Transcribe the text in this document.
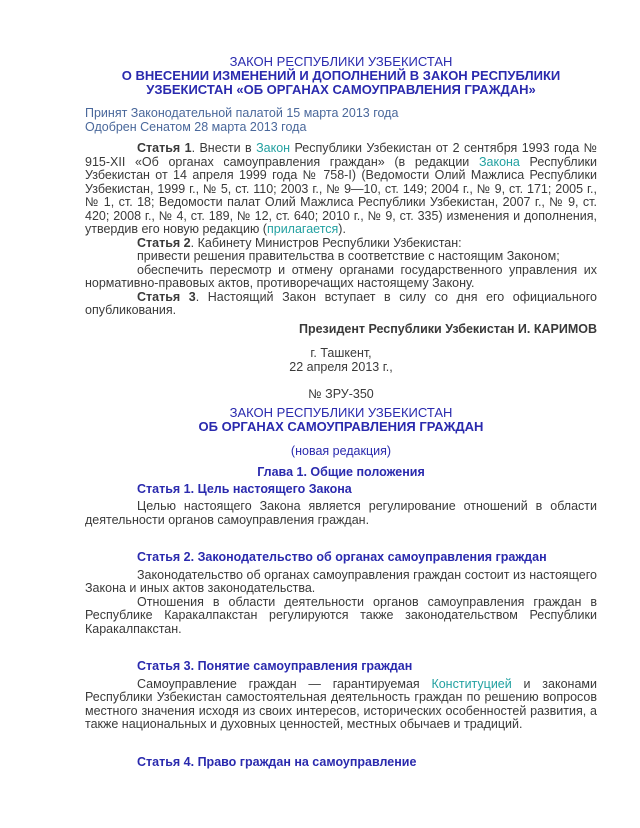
ЗАКОН РЕСПУБЛИКИ УЗБЕКИСТАН
О ВНЕСЕНИИ ИЗМЕНЕНИЙ И ДОПОЛНЕНИЙ В ЗАКОН РЕСПУБЛИКИ УЗБЕКИСТАН «ОБ ОРГАНАХ САМОУПРАВЛЕНИЯ ГРАЖДАН»
Принят Законодательной палатой 15 марта 2013 года
Одобрен Сенатом 28 марта 2013 года

Статья 1. Внести в Закон Республики Узбекистан от 2 сентября 1993 года № 915-XII «Об органах самоуправления граждан» (в редакции Закона Республики Узбекистан от 14 апреля 1999 года № 758-I) (Ведомости Олий Мажлиса Республики Узбекистан, 1999 г., № 5, ст. 110; 2003 г., № 9—10, ст. 149; 2004 г., № 9, ст. 171; 2005 г., № 1, ст. 18; Ведомости палат Олий Мажлиса Республики Узбекистан, 2007 г., № 9, ст. 420; 2008 г., № 4, ст. 189, № 12, ст. 640; 2010 г., № 9, ст. 335) изменения и дополнения, утвердив его новую редакцию (прилагается).

Статья 2. Кабинету Министров Республики Узбекистан:

привести решения правительства в соответствие с настоящим Законом;

обеспечить пересмотр и отмену органами государственного управления их нормативно-правовых актов, противоречащих настоящему Закону.

Статья 3. Настоящий Закон вступает в силу со дня его официального опубликования.

Президент Республики Узбекистан И. КАРИМОВ
г. Ташкент,
22 апреля 2013 г.,
№ ЗРУ-350
ЗАКОН РЕСПУБЛИКИ УЗБЕКИСТАН
ОБ ОРГАНАХ САМОУПРАВЛЕНИЯ ГРАЖДАН
(новая редакция)
Глава 1. Общие положения
Статья 1. Цель настоящего Закона

Целью настоящего Закона является регулирование отношений в области деятельности органов самоуправления граждан.

Статья 2. Законодательство об органах самоуправления граждан

Законодательство об органах самоуправления граждан состоит из настоящего Закона и иных актов законодательства.

Отношения в области деятельности органов самоуправления граждан в Республике Каракалпакстан регулируются также законодательством Республики Каракалпакстан.

Статья 3. Понятие самоуправления граждан

Самоуправление граждан — гарантируемая Конституцией и законами Республики Узбекистан самостоятельная деятельность граждан по решению вопросов местного значения исходя из своих интересов, исторических особенностей развития, а также национальных и духовных ценностей, местных обычаев и традиций.

Статья 4. Право граждан на самоуправление
